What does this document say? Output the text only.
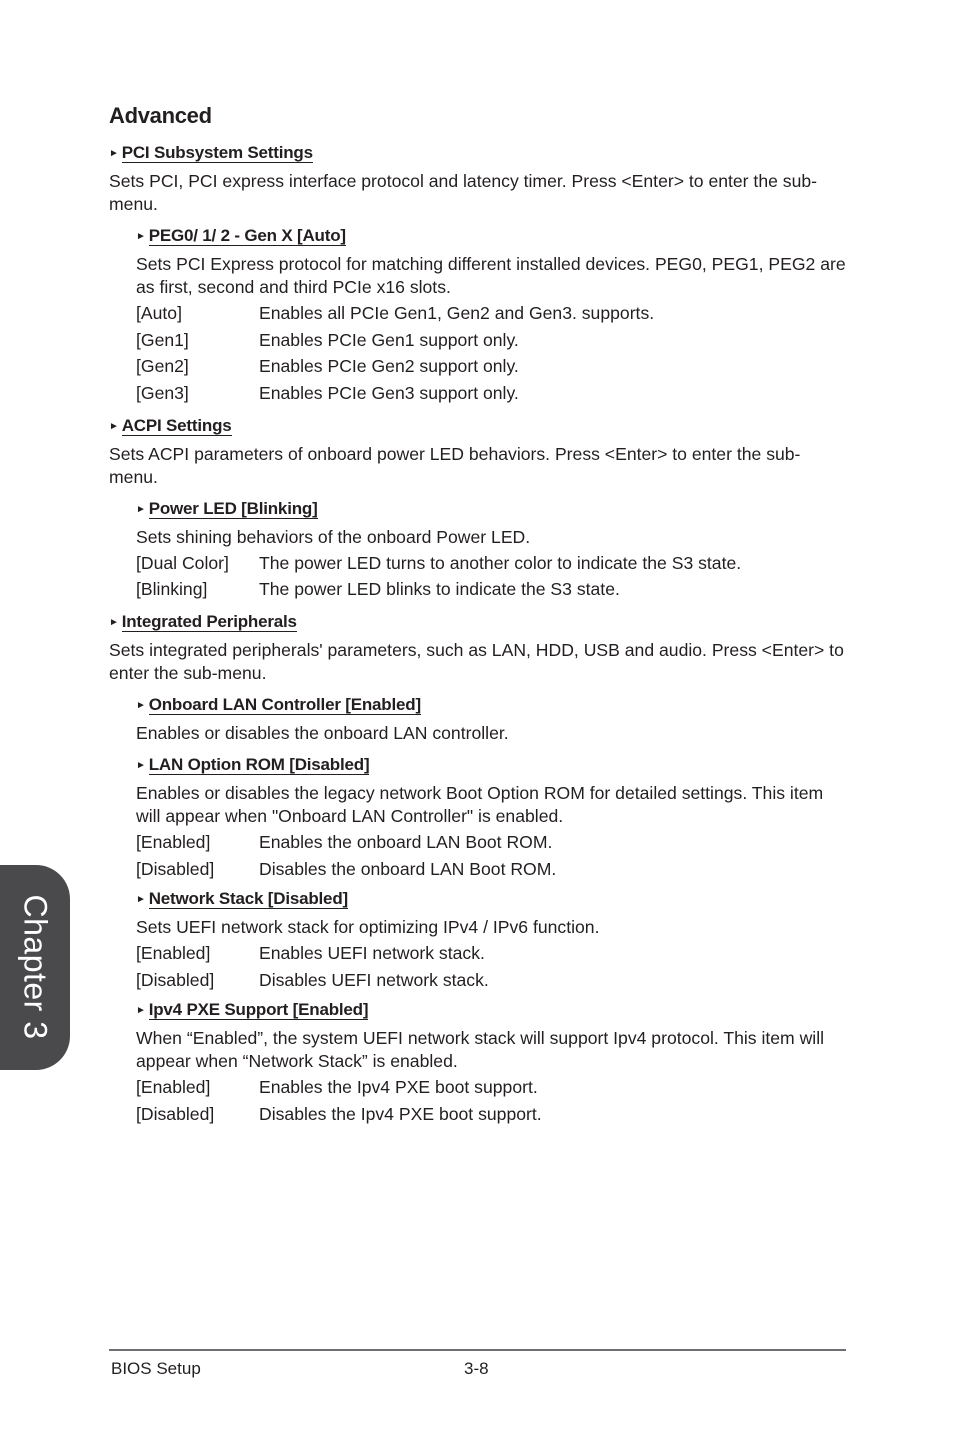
Advanced
► PCI Subsystem Settings
Sets PCI, PCI express interface protocol and latency timer. Press <Enter> to enter the sub-menu.
► PEG0/ 1/ 2 - Gen X [Auto]
Sets PCI Express protocol for matching different installed devices. PEG0, PEG1, PEG2 are as first, second and third PCIe x16 slots.
[Auto]	Enables all PCIe Gen1, Gen2 and Gen3. supports.
[Gen1]	Enables PCIe Gen1 support only.
[Gen2]	Enables PCIe Gen2 support only.
[Gen3]	Enables PCIe Gen3 support only.
► ACPI Settings
Sets ACPI parameters of onboard power LED behaviors. Press <Enter> to enter the sub-menu.
► Power LED [Blinking]
Sets shining behaviors of the onboard Power LED.
[Dual Color]	The power LED turns to another color to indicate the S3 state.
[Blinking]	The power LED blinks to indicate the S3 state.
► Integrated Peripherals
Sets integrated peripherals' parameters, such as LAN, HDD, USB and audio. Press <Enter> to enter the sub-menu.
► Onboard LAN Controller [Enabled]
Enables or disables the onboard LAN controller.
► LAN Option ROM [Disabled]
Enables or disables the legacy network Boot Option ROM for detailed settings. This item will appear when "Onboard LAN Controller" is enabled.
[Enabled]	Enables the onboard LAN Boot ROM.
[Disabled]	Disables the onboard LAN Boot ROM.
► Network Stack [Disabled]
Sets UEFI network stack for optimizing IPv4 / IPv6 function.
[Enabled]	Enables UEFI network stack.
[Disabled]	Disables UEFI network stack.
► Ipv4 PXE Support [Enabled]
When “Enabled”, the system UEFI network stack will support Ipv4 protocol. This item will appear when “Network Stack” is enabled.
[Enabled]	Enables the Ipv4 PXE boot support.
[Disabled]	Disables the Ipv4 PXE boot support.
Chapter 3
BIOS Setup	3-8
